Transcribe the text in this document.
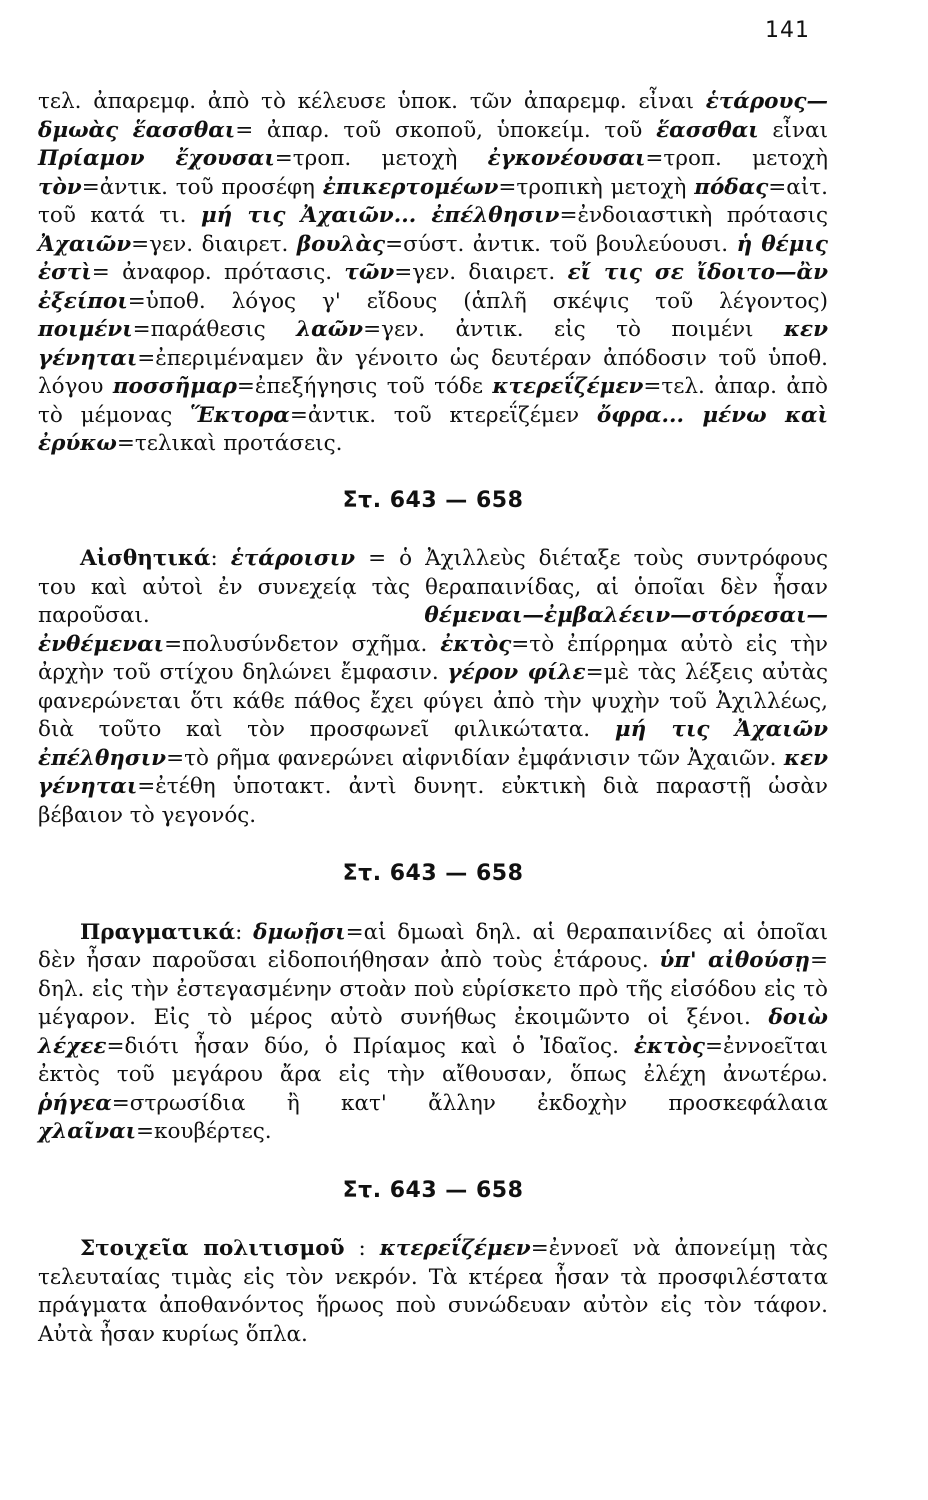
141

τελ. ἀπαρεμφ. ἀπὸ τὸ κέλευσε ὑποκ. τῶν ἀπαρεμφ. εἶναι ἑτάρους—δμωὰς ἕασσθαι= ἀπαρ. τοῦ σκοποῦ, ὑποκείμ. τοῦ ἕασσθαι εἶναι Πρίαμον ἔχουσαι=τροπ. μετοχὴ ἐγκονέουσαι=τροπ. μετοχὴ τὸν=ἀντικ. τοῦ προσέφη ἐπικερτομέων=τροπικὴ μετοχὴ πόδας=αἰτ. τοῦ κατά τι. μή τις Ἀχαιῶν... ἐπέλθησιν=ἐνδοιαστικὴ πρότασις Ἀχαιῶν=γεν. διαιρετ. βουλὰς=σύστ. ἀντικ. τοῦ βουλεύουσι. ἡ θέμις ἐστὶ= ἀναφορ. πρότασις. τῶν=γεν. διαιρετ. εἴ τις σε ἴδοιτο—ἂν ἐξείποι=ὑποθ. λόγος γ' εἴδους (ἁπλῆ σκέψις τοῦ λέγοντος) ποιμένι=παράθεσις λαῶν=γεν. ἀντικ. εἰς τὸ ποιμένι κεν γένηται=ἐπεριμέναμεν ἂν γένοιτο ὡς δευτέραν ἀπόδοσιν τοῦ ὑποθ. λόγου ποσσῆμαρ=ἐπεξήγησις τοῦ τόδε κτερεΐζέμεν=τελ. ἀπαρ. ἀπὸ τὸ μέμονας Ἕκτορα=ἀντικ. τοῦ κτερεΐζέμεν ὄφρα... μένω καὶ ἐρύκω=τελικαὶ προτάσεις.

Στ. 643 — 658

Αἰσθητικά: ἑτάροισιν = ὁ Ἀχιλλεὺς διέταξε τοὺς συντρόφους του καὶ αὐτοὶ ἐν συνεχείᾳ τὰς θεραπαινίδας, αἱ ὁποῖαι δὲν ἦσαν παροῦσαι. θέμεναι—ἐμβαλέειν—στόρεσαι—ἐνθέμεναι=πολυσύνδετον σχῆμα. ἐκτὸς=τὸ ἐπίρρημα αὐτὸ εἰς τὴν ἀρχὴν τοῦ στίχου δηλώνει ἔμφασιν. γέρον φίλε=μὲ τὰς λέξεις αὐτὰς φανερώνεται ὅτι κάθε πάθος ἔχει φύγει ἀπὸ τὴν ψυχὴν τοῦ Ἀχιλλέως, διὰ τοῦτο καὶ τὸν προσφωνεῖ φιλικώτατα. μή τις Ἀχαιῶν ἐπέλθησιν=τὸ ρῆμα φανερώνει αἰφνιδίαν ἐμφάνισιν τῶν Ἀχαιῶν. κεν γένηται=ἐτέθη ὑποτακτ. ἀντὶ δυνητ. εὐκτικὴ διὰ παραστῇ ὡσὰν βέβαιον τὸ γεγονός.

Στ. 643 — 658

Πραγματικά: δμωῇσι=αἱ δμωαὶ δηλ. αἱ θεραπαινίδες αἱ ὁποῖαι δὲν ἦσαν παροῦσαι εἰδοποιήθησαν ἀπὸ τοὺς ἑτάρους. ὑπ' αἰθούσῃ= δηλ. εἰς τὴν ἐστεγασμένην στοὰν ποὺ εὑρίσκετο πρὸ τῆς εἰσόδου εἰς τὸ μέγαρον. Εἰς τὸ μέρος αὐτὸ συνήθως ἐκοιμῶντο οἱ ξένοι. δοιὼ λέχεε=διότι ἦσαν δύο, ὁ Πρίαμος καὶ ὁ Ἰδαῖος. ἐκτὸς=ἐννοεῖται ἐκτὸς τοῦ μεγάρου ἄρα εἰς τὴν αἴθουσαν, ὅπως ἐλέχη ἀνωτέρω. ῥήγεα=στρωσίδια ἢ κατ' ἄλλην ἐκδοχὴν προσκεφάλαια χλαῖναι=κουβέρτες.

Στ. 643 — 658

Στοιχεῖα πολιτισμοῦ : κτερεΐζέμεν=ἐννοεῖ νὰ ἀπονείμῃ τὰς τελευταίας τιμὰς εἰς τὸν νεκρόν. Τὰ κτέρεα ἦσαν τὰ προσφιλέστατα πράγματα ἀποθανόντος ἥρωος ποὺ συνώδευαν αὐτὸν εἰς τὸν τάφον. Αὐτὰ ἦσαν κυρίως ὅπλα.
